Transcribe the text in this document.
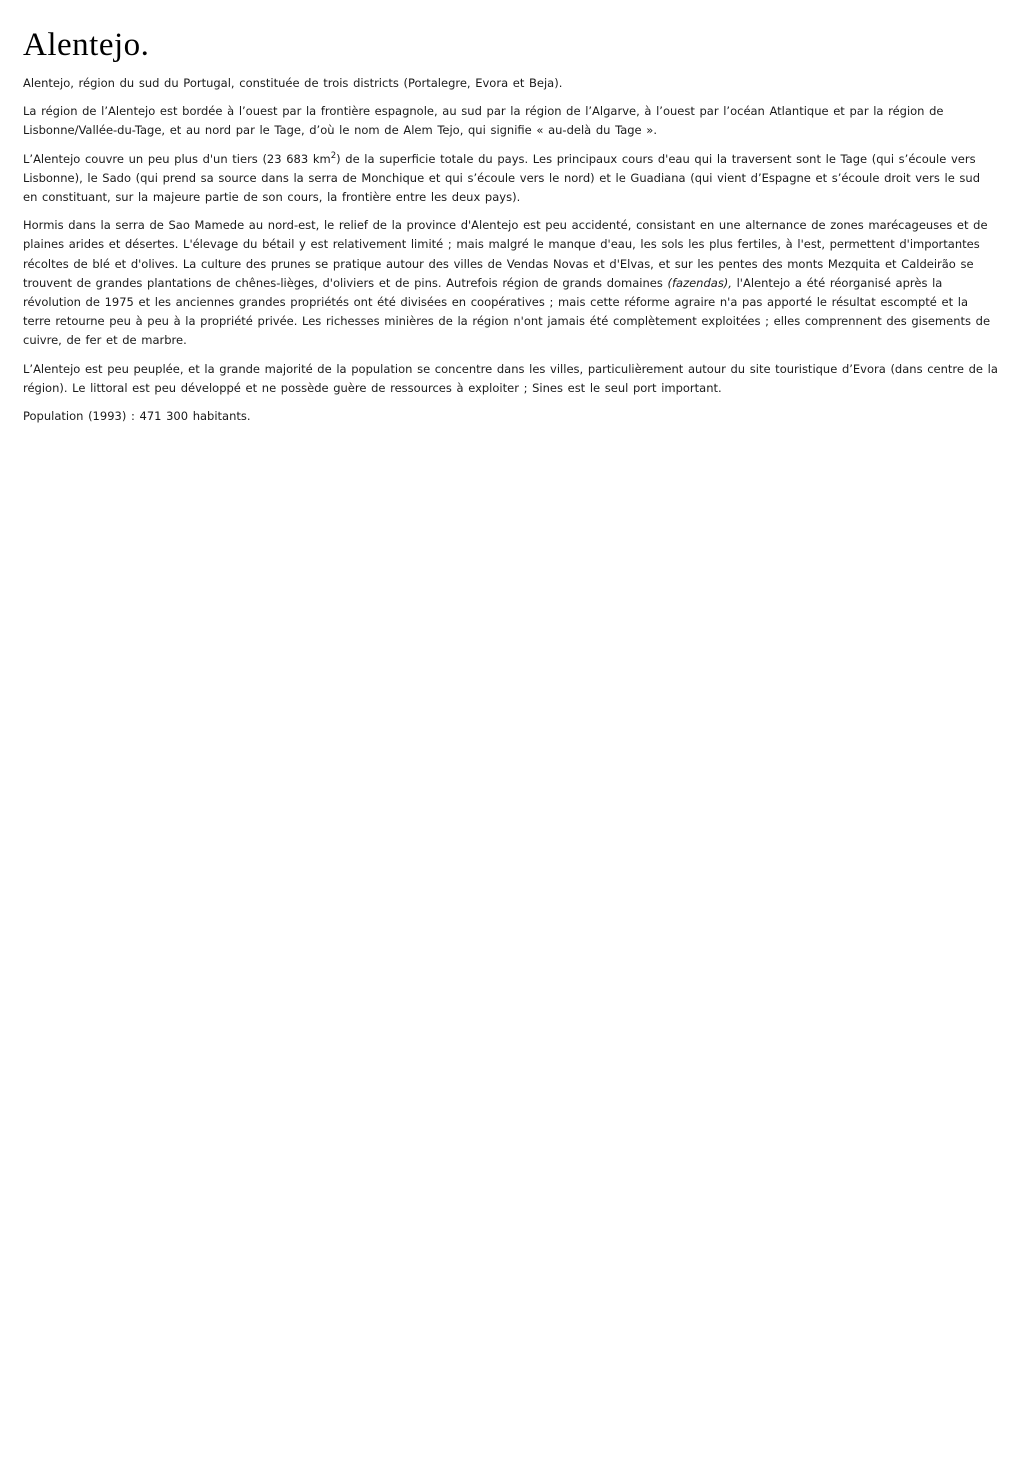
Alentejo.

Alentejo, région du sud du Portugal, constituée de trois districts (Portalegre, Evora et Beja).

La région de l’Alentejo est bordée à l’ouest par la frontière espagnole, au sud par la région de l’Algarve, à l’ouest par l’océan Atlantique et par la région de Lisbonne/Vallée-du-Tage, et au nord par le Tage, d’où le nom de Alem Tejo, qui signifie « au-delà du Tage ».

L’Alentejo couvre un peu plus d'un tiers (23 683 $km^2$) de la superficie totale du pays. Les principaux cours d'eau qui la traversent sont le Tage (qui s’écoule vers Lisbonne), le Sado (qui prend sa source dans la serra de Monchique et qui s’écoule vers le nord) et le Guadiana (qui vient d’Espagne et s’écoule droit vers le sud en constituant, sur la majeure partie de son cours, la frontière entre les deux pays).

Hormis dans la serra de Sao Mamede au nord-est, le relief de la province d'Alentejo est peu accidenté, consistant en une alternance de zones marécageuses et de plaines arides et désertes. L'élevage du bétail y est relativement limité ; mais malgré le manque d'eau, les sols les plus fertiles, à l'est, permettent d'importantes récoltes de blé et d'olives. La culture des prunes se pratique autour des villes de Vendas Novas et d'Elvas, et sur les pentes des monts Mezquita et Caldeirão se trouvent de grandes plantations de chênes-lièges, d'oliviers et de pins. Autrefois région de grands domaines (fazendas), l'Alentejo a été réorganisé après la révolution de 1975 et les anciennes grandes propriétés ont été divisées en coopératives ; mais cette réforme agraire n'a pas apporté le résultat escompté et la terre retourne peu à peu à la propriété privée. Les richesses minières de la région n'ont jamais été complètement exploitées ; elles comprennent des gisements de cuivre, de fer et de marbre.

L’Alentejo est peu peuplée, et la grande majorité de la population se concentre dans les villes, particulièrement autour du site touristique d’Evora (dans centre de la région). Le littoral est peu développé et ne possède guère de ressources à exploiter ; Sines est le seul port important.

Population (1993) : 471 300 habitants.
